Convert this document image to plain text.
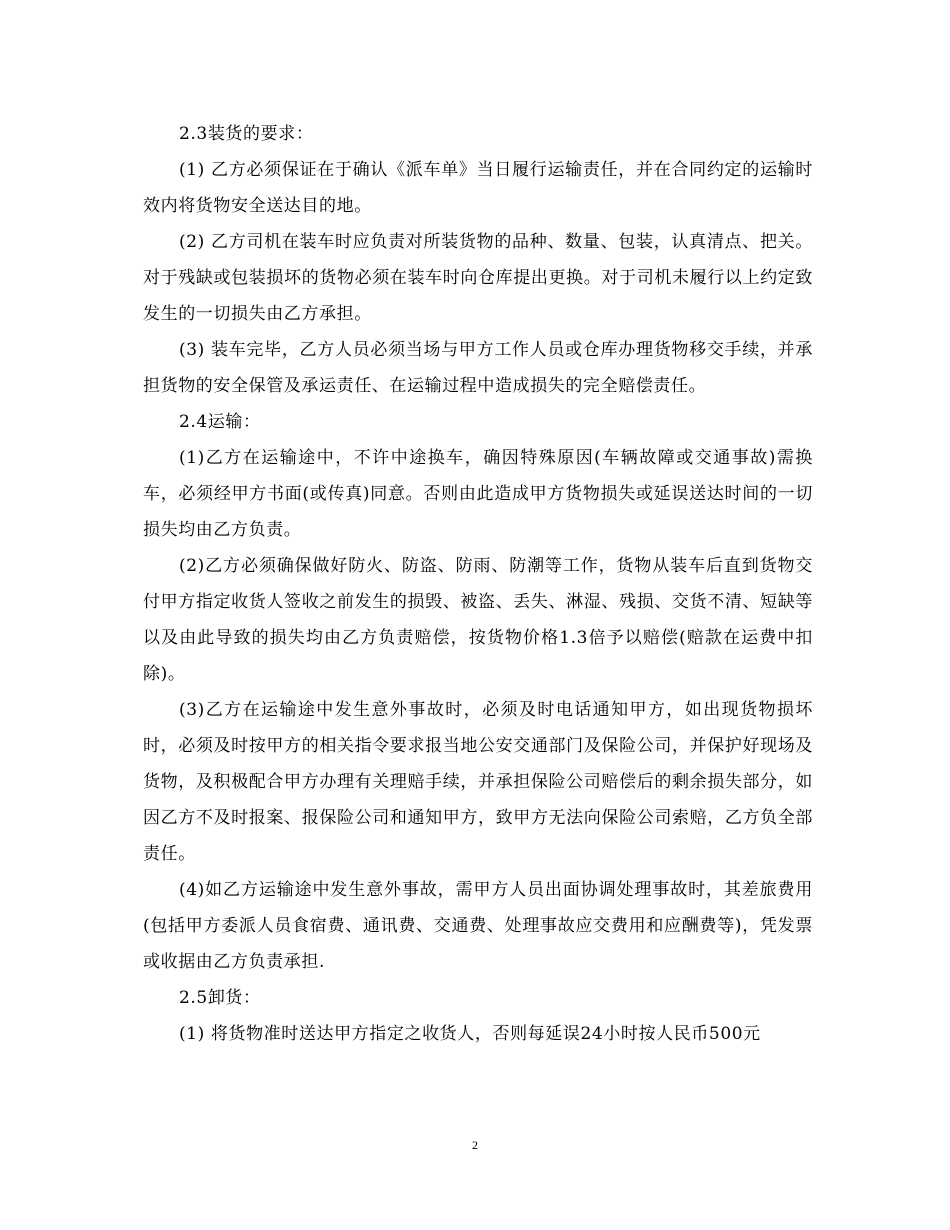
2.3装货的要求：

(1) 乙方必须保证在于确认《派车单》当日履行运输责任，并在合同约定的运输时效内将货物安全送达目的地。

(2) 乙方司机在装车时应负责对所装货物的品种、数量、包装，认真清点、把关。对于残缺或包装损坏的货物必须在装车时向仓库提出更换。对于司机未履行以上约定致发生的一切损失由乙方承担。

(3) 装车完毕，乙方人员必须当场与甲方工作人员或仓库办理货物移交手续，并承担货物的安全保管及承运责任、在运输过程中造成损失的完全赔偿责任。

2.4运输：

(1)乙方在运输途中，不许中途换车，确因特殊原因(车辆故障或交通事故)需换车，必须经甲方书面(或传真)同意。否则由此造成甲方货物损失或延误送达时间的一切损失均由乙方负责。

(2)乙方必须确保做好防火、防盗、防雨、防潮等工作，货物从装车后直到货物交付甲方指定收货人签收之前发生的损毁、被盗、丢失、淋湿、残损、交货不清、短缺等以及由此导致的损失均由乙方负责赔偿，按货物价格1.3倍予以赔偿(赔款在运费中扣除)。

(3)乙方在运输途中发生意外事故时，必须及时电话通知甲方，如出现货物损坏时，必须及时按甲方的相关指令要求报当地公安交通部门及保险公司，并保护好现场及货物，及积极配合甲方办理有关理赔手续，并承担保险公司赔偿后的剩余损失部分，如因乙方不及时报案、报保险公司和通知甲方，致甲方无法向保险公司索赔，乙方负全部责任。

(4)如乙方运输途中发生意外事故，需甲方人员出面协调处理事故时，其差旅费用(包括甲方委派人员食宿费、通讯费、交通费、处理事故应交费用和应酬费等)，凭发票或收据由乙方负责承担.

2.5卸货：

(1) 将货物准时送达甲方指定之收货人，否则每延误24小时按人民币500元

2
